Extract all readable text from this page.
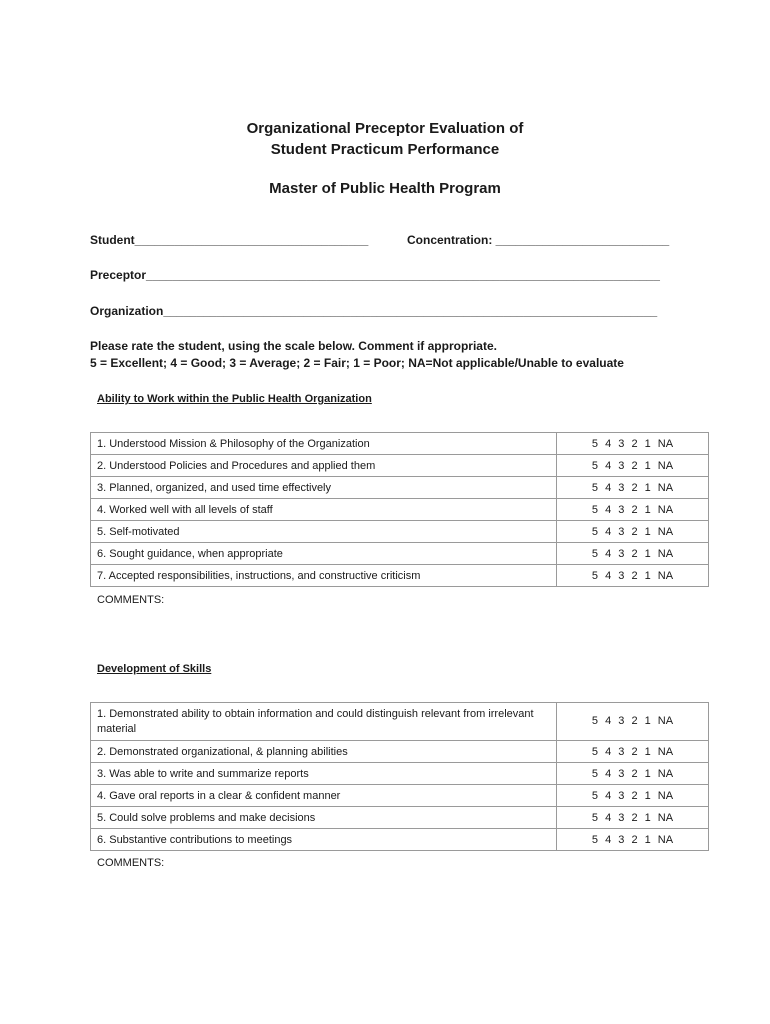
Organizational Preceptor Evaluation of
Student Practicum Performance
Master of Public Health Program
Student___________________________________	Concentration: __________________________
Preceptor_____________________________________________________________________________
Organization__________________________________________________________________________
Please rate the student, using the scale below. Comment if appropriate.
5 = Excellent; 4 = Good; 3 = Average; 2 = Fair; 1 = Poor; NA=Not applicable/Unable to evaluate
Ability to Work within the Public Health Organization
1. Understood Mission & Philosophy of the Organization	5 4 3 2 1 NA
2. Understood Policies and Procedures and applied them	5 4 3 2 1 NA
3. Planned, organized, and used time effectively	5 4 3 2 1 NA
4. Worked well with all levels of staff	5 4 3 2 1 NA
5. Self-motivated	5 4 3 2 1 NA
6. Sought guidance, when appropriate	5 4 3 2 1 NA
7. Accepted responsibilities, instructions, and constructive criticism	5 4 3 2 1 NA
COMMENTS:
Development of Skills
1. Demonstrated ability to obtain information and could distinguish relevant from irrelevant material	5 4 3 2 1 NA
2. Demonstrated organizational, & planning abilities	5 4 3 2 1 NA
3. Was able to write and summarize reports	5 4 3 2 1 NA
4. Gave oral reports in a clear & confident manner	5 4 3 2 1 NA
5. Could solve problems and make decisions	5 4 3 2 1 NA
6. Substantive contributions to meetings	5 4 3 2 1 NA
COMMENTS:
